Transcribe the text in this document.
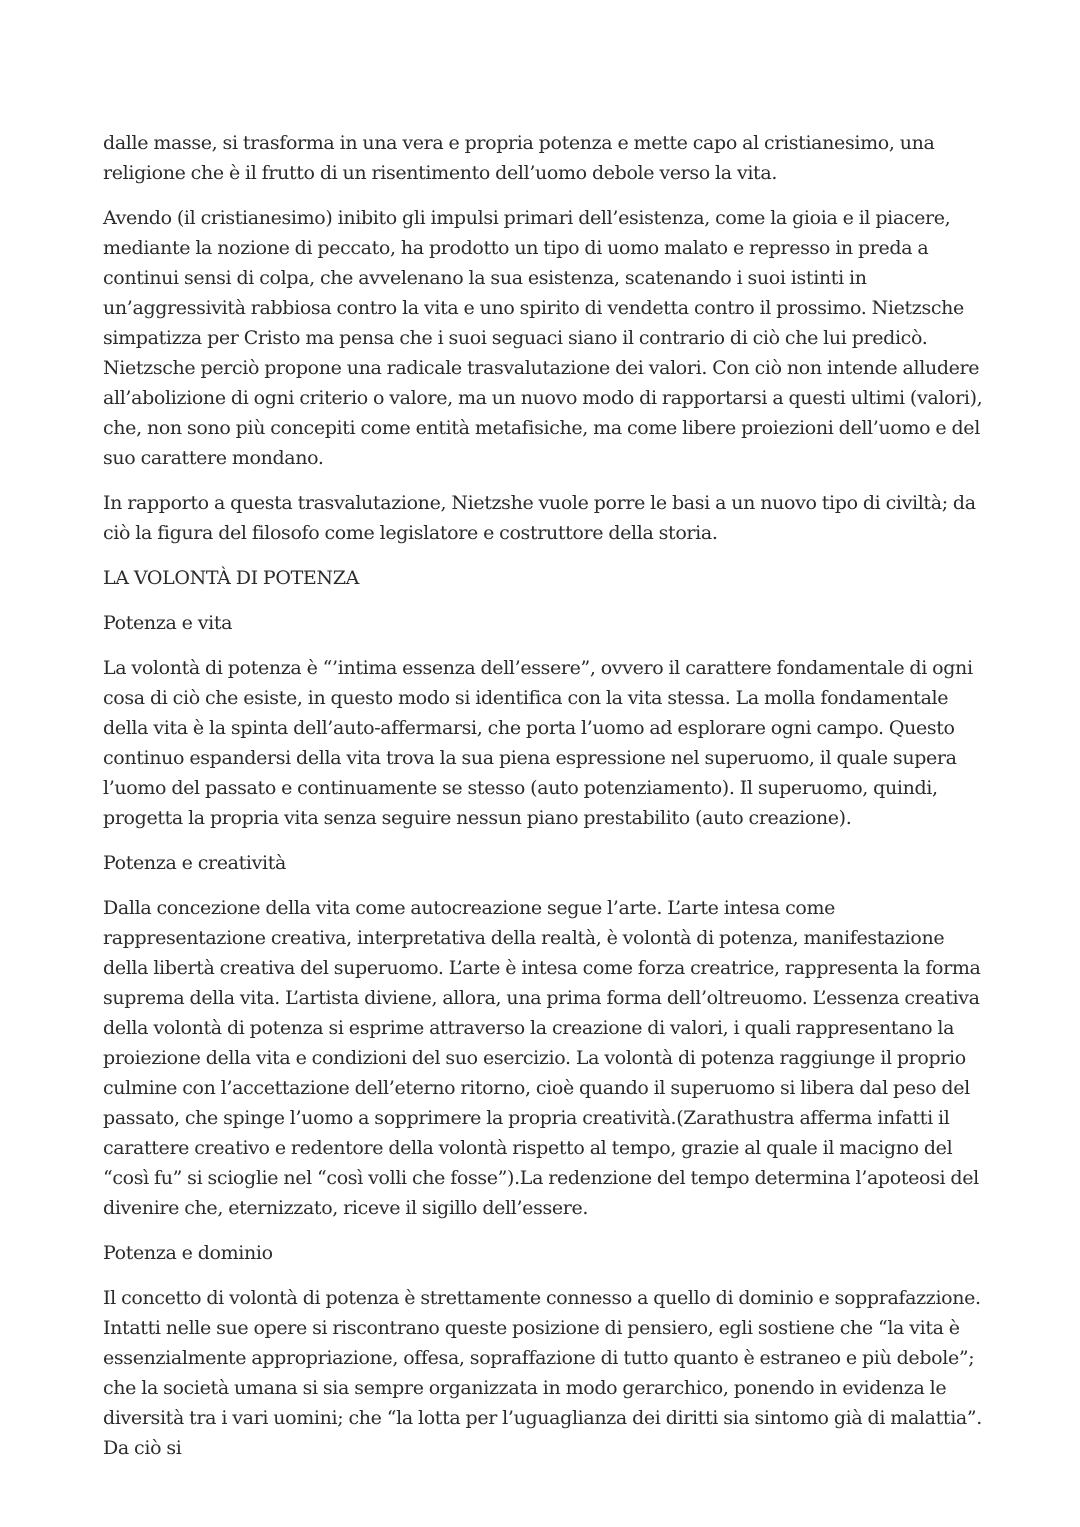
dalle masse, si trasforma in una vera e propria potenza e mette capo al cristianesimo, una religione che è il frutto di un risentimento dell’uomo debole verso la vita.

Avendo (il cristianesimo) inibito gli impulsi primari dell’esistenza, come la gioia e il piacere, mediante la nozione di peccato, ha prodotto un tipo di uomo malato e represso in preda a continui sensi di colpa, che avvelenano la sua esistenza, scatenando i suoi istinti in un’aggressività rabbiosa contro la vita e uno spirito di vendetta contro il prossimo. Nietzsche simpatizza per Cristo ma pensa che i suoi seguaci siano il contrario di ciò che lui predicò. Nietzsche perciò propone una radicale trasvalutazione dei valori. Con ciò non intende alludere all’abolizione di ogni criterio o valore, ma un nuovo modo di rapportarsi a questi ultimi (valori), che, non sono più concepiti come entità metafisiche, ma come libere proiezioni dell’uomo e del suo carattere mondano.

In rapporto a questa trasvalutazione, Nietzshe vuole porre le basi a un nuovo tipo di civiltà; da ciò la figura del filosofo come legislatore e costruttore della storia.

LA VOLONTÀ DI POTENZA

Potenza e vita

La volontà di potenza è “’intima essenza dell’essere”, ovvero il carattere fondamentale di ogni cosa di ciò che esiste, in questo modo si identifica con la vita stessa. La molla fondamentale della vita è la spinta dell’auto-affermarsi, che porta l’uomo ad esplorare ogni campo. Questo continuo espandersi della vita trova la sua piena espressione nel superuomo, il quale supera l’uomo del passato e continuamente se stesso (auto potenziamento). Il superuomo, quindi, progetta la propria vita senza seguire nessun piano prestabilito (auto creazione).

Potenza e creatività

Dalla concezione della vita come autocreazione segue l’arte. L’arte intesa come rappresentazione creativa, interpretativa della realtà, è volontà di potenza, manifestazione della libertà creativa del superuomo. L’arte è intesa come forza creatrice, rappresenta la forma suprema della vita. L’artista diviene, allora, una prima forma dell’oltreuomo. L’essenza creativa della volontà di potenza si esprime attraverso la creazione di valori, i quali rappresentano la proiezione della vita e condizioni del suo esercizio. La volontà di potenza raggiunge il proprio culmine con l’accettazione dell’eterno ritorno, cioè quando il superuomo si libera dal peso del passato, che spinge l’uomo a sopprimere la propria creatività.(Zarathustra afferma infatti il carattere creativo e redentore della volontà rispetto al tempo, grazie al quale il macigno del “così fu” si scioglie nel “così volli che fosse”).La redenzione del tempo determina l’apoteosi del divenire che, eternizzato, riceve il sigillo dell’essere.

Potenza e dominio

Il concetto di volontà di potenza è strettamente connesso a quello di dominio e sopprafazzione. Intatti nelle sue opere si riscontrano queste posizione di pensiero, egli sostiene che “la vita è essenzialmente appropriazione, offesa, sopraffazione di tutto quanto è estraneo e più debole”; che la società umana si sia sempre organizzata in modo gerarchico, ponendo in evidenza le diversità tra i vari uomini; che “la lotta per l’uguaglianza dei diritti sia sintomo già di malattia”. Da ciò si
